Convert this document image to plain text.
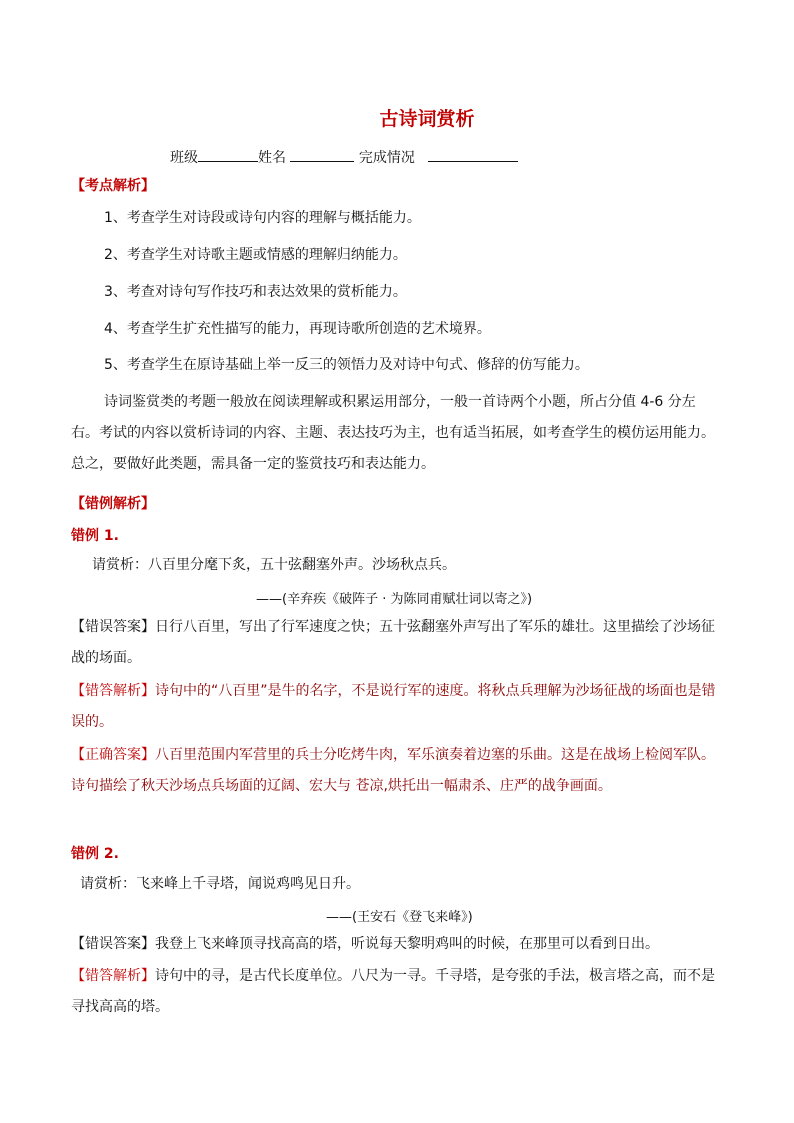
古诗词赏析
班级	姓名	完成情况
【考点解析】
1、考查学生对诗段或诗句内容的理解与概括能力。
2、考查学生对诗歌主题或情感的理解归纳能力。
3、考查对诗句写作技巧和表达效果的赏析能力。
4、考查学生扩充性描写的能力，再现诗歌所创造的艺术境界。
5、考查学生在原诗基础上举一反三的领悟力及对诗中句式、修辞的仿写能力。
诗词鉴赏类的考题一般放在阅读理解或积累运用部分，一般一首诗两个小题，所占分值 4-6 分左右。考试的内容以赏析诗词的内容、主题、表达技巧为主，也有适当拓展，如考查学生的模仿运用能力。总之，要做好此类题，需具备一定的鉴赏技巧和表达能力。
【错例解析】
错例 1.
请赏析：八百里分麾下炙，五十弦翻塞外声。沙场秋点兵。
——(辛弃疾《破阵子 · 为陈同甫赋壮词以寄之》)
【错误答案】日行八百里，写出了行军速度之快；五十弦翻塞外声写出了军乐的雄壮。这里描绘了沙场征战的场面。
【错答解析】诗句中的“八百里”是牛的名字，不是说行军的速度。将秋点兵理解为沙场征战的场面也是错误的。
【正确答案】八百里范围内军营里的兵士分吃烤牛肉，军乐演奏着边塞的乐曲。这是在战场上检阅军队。诗句描绘了秋天沙场点兵场面的辽阔、宏大与 苍凉,烘托出一幅肃杀、庄严的战争画面。
错例 2.
请赏析：飞来峰上千寻塔，闻说鸡鸣见日升。
——(王安石《登飞来峰》)
【错误答案】我登上飞来峰顶寻找高高的塔，听说每天黎明鸡叫的时候，在那里可以看到日出。
【错答解析】诗句中的寻，是古代长度单位。八尺为一寻。千寻塔，是夸张的手法，极言塔之高，而不是寻找高高的塔。
